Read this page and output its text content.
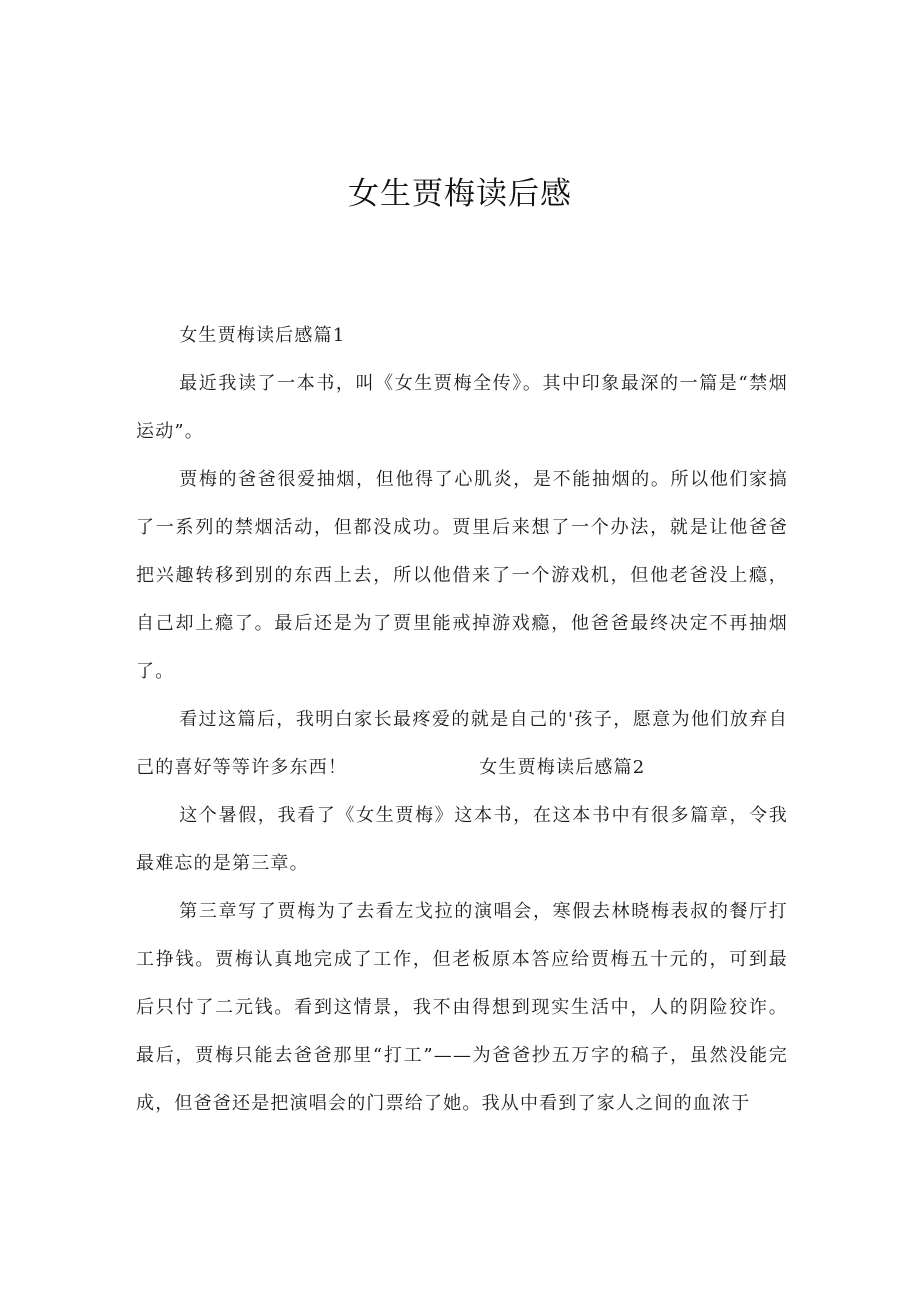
女生贾梅读后感

女生贾梅读后感篇1

最近我读了一本书，叫《女生贾梅全传》。其中印象最深的一篇是“禁烟运动”。

贾梅的爸爸很爱抽烟，但他得了心肌炎，是不能抽烟的。所以他们家搞了一系列的禁烟活动，但都没成功。贾里后来想了一个办法，就是让他爸爸把兴趣转移到别的东西上去，所以他借来了一个游戏机，但他老爸没上瘾，自己却上瘾了。最后还是为了贾里能戒掉游戏瘾，他爸爸最终决定不再抽烟了。

看过这篇后，我明白家长最疼爱的就是自己的'孩子，愿意为他们放弃自己的喜好等等许多东西！	女生贾梅读后感篇2

这个暑假，我看了《女生贾梅》这本书，在这本书中有很多篇章，令我最难忘的是第三章。

第三章写了贾梅为了去看左戈拉的演唱会，寒假去林晓梅表叔的餐厅打工挣钱。贾梅认真地完成了工作，但老板原本答应给贾梅五十元的，可到最后只付了二元钱。看到这情景，我不由得想到现实生活中，人的阴险狡诈。最后，贾梅只能去爸爸那里“打工”——为爸爸抄五万字的稿子，虽然没能完成，但爸爸还是把演唱会的门票给了她。我从中看到了家人之间的血浓于
